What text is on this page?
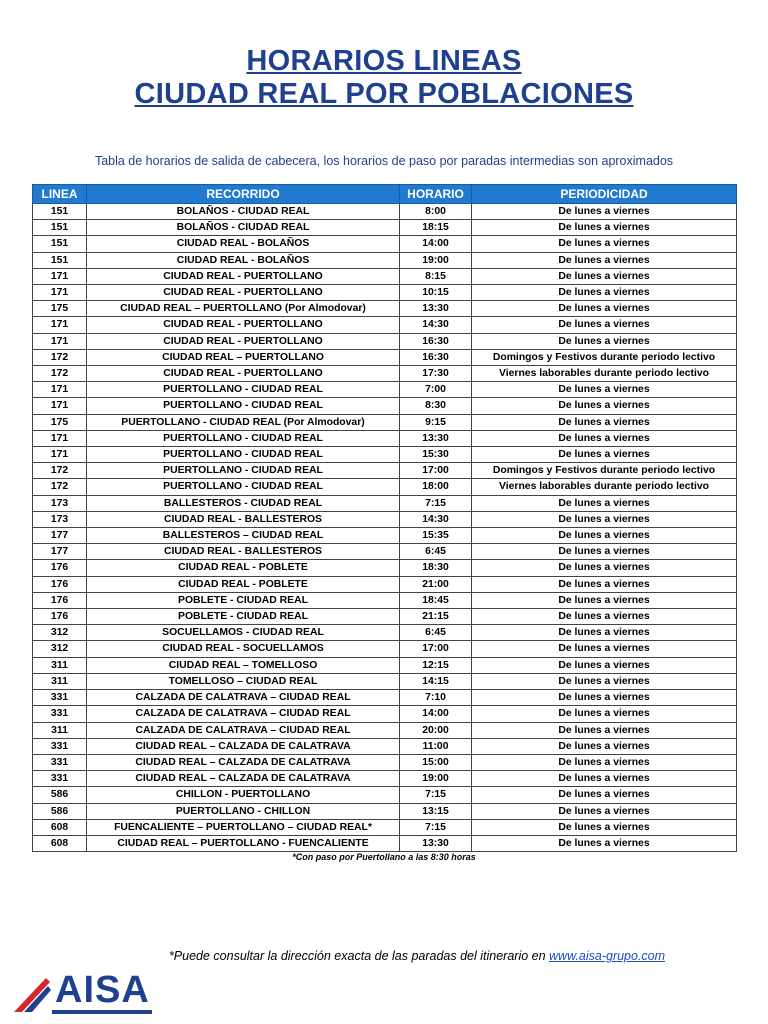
HORARIOS LINEAS
CIUDAD REAL POR POBLACIONES
Tabla de horarios de salida de cabecera, los horarios de paso por paradas intermedias son aproximados
LINEA	RECORRIDO	HORARIO	PERIODICIDAD
151	BOLAÑOS - CIUDAD REAL	8:00	De lunes a viernes
151	BOLAÑOS - CIUDAD REAL	18:15	De lunes a viernes
151	CIUDAD REAL - BOLAÑOS	14:00	De lunes a viernes
151	CIUDAD REAL - BOLAÑOS	19:00	De lunes a viernes
171	CIUDAD REAL - PUERTOLLANO	8:15	De lunes a viernes
171	CIUDAD REAL - PUERTOLLANO	10:15	De lunes a viernes
175	CIUDAD REAL – PUERTOLLANO (Por Almodovar)	13:30	De lunes a viernes
171	CIUDAD REAL - PUERTOLLANO	14:30	De lunes a viernes
171	CIUDAD REAL - PUERTOLLANO	16:30	De lunes a viernes
172	CIUDAD REAL – PUERTOLLANO	16:30	Domingos y Festivos durante periodo lectivo
172	CIUDAD REAL - PUERTOLLANO	17:30	Viernes laborables durante periodo lectivo
171	PUERTOLLANO - CIUDAD REAL	7:00	De lunes a viernes
171	PUERTOLLANO - CIUDAD REAL	8:30	De lunes a viernes
175	PUERTOLLANO - CIUDAD REAL (Por Almodovar)	9:15	De lunes a viernes
171	PUERTOLLANO - CIUDAD REAL	13:30	De lunes a viernes
171	PUERTOLLANO - CIUDAD REAL	15:30	De lunes a viernes
172	PUERTOLLANO - CIUDAD REAL	17:00	Domingos y Festivos durante periodo lectivo
172	PUERTOLLANO - CIUDAD REAL	18:00	Viernes laborables durante periodo lectivo
173	BALLESTEROS - CIUDAD REAL	7:15	De lunes a viernes
173	CIUDAD REAL - BALLESTEROS	14:30	De lunes a viernes
177	BALLESTEROS – CIUDAD REAL	15:35	De lunes a viernes
177	CIUDAD REAL - BALLESTEROS	6:45	De lunes a viernes
176	CIUDAD REAL - POBLETE	18:30	De lunes a viernes
176	CIUDAD REAL - POBLETE	21:00	De lunes a viernes
176	POBLETE - CIUDAD REAL	18:45	De lunes a viernes
176	POBLETE - CIUDAD REAL	21:15	De lunes a viernes
312	SOCUELLAMOS - CIUDAD REAL	6:45	De lunes a viernes
312	CIUDAD REAL - SOCUELLAMOS	17:00	De lunes a viernes
311	CIUDAD REAL – TOMELLOSO	12:15	De lunes a viernes
311	TOMELLOSO – CIUDAD REAL	14:15	De lunes a viernes
331	CALZADA DE CALATRAVA – CIUDAD REAL	7:10	De lunes a viernes
331	CALZADA DE CALATRAVA – CIUDAD REAL	14:00	De lunes a viernes
311	CALZADA DE CALATRAVA – CIUDAD REAL	20:00	De lunes a viernes
331	CIUDAD REAL – CALZADA DE CALATRAVA	11:00	De lunes a viernes
331	CIUDAD REAL – CALZADA DE CALATRAVA	15:00	De lunes a viernes
331	CIUDAD REAL – CALZADA DE CALATRAVA	19:00	De lunes a viernes
586	CHILLON - PUERTOLLANO	7:15	De lunes a viernes
586	PUERTOLLANO - CHILLON	13:15	De lunes a viernes
608	FUENCALIENTE – PUERTOLLANO – CIUDAD REAL*	7:15	De lunes a viernes
608	CIUDAD REAL – PUERTOLLANO - FUENCALIENTE	13:30	De lunes a viernes
*Con paso por Puertollano a las 8:30 horas
*Puede consultar la dirección exacta de las paradas del itinerario en www.aisa-grupo.com
AISA
